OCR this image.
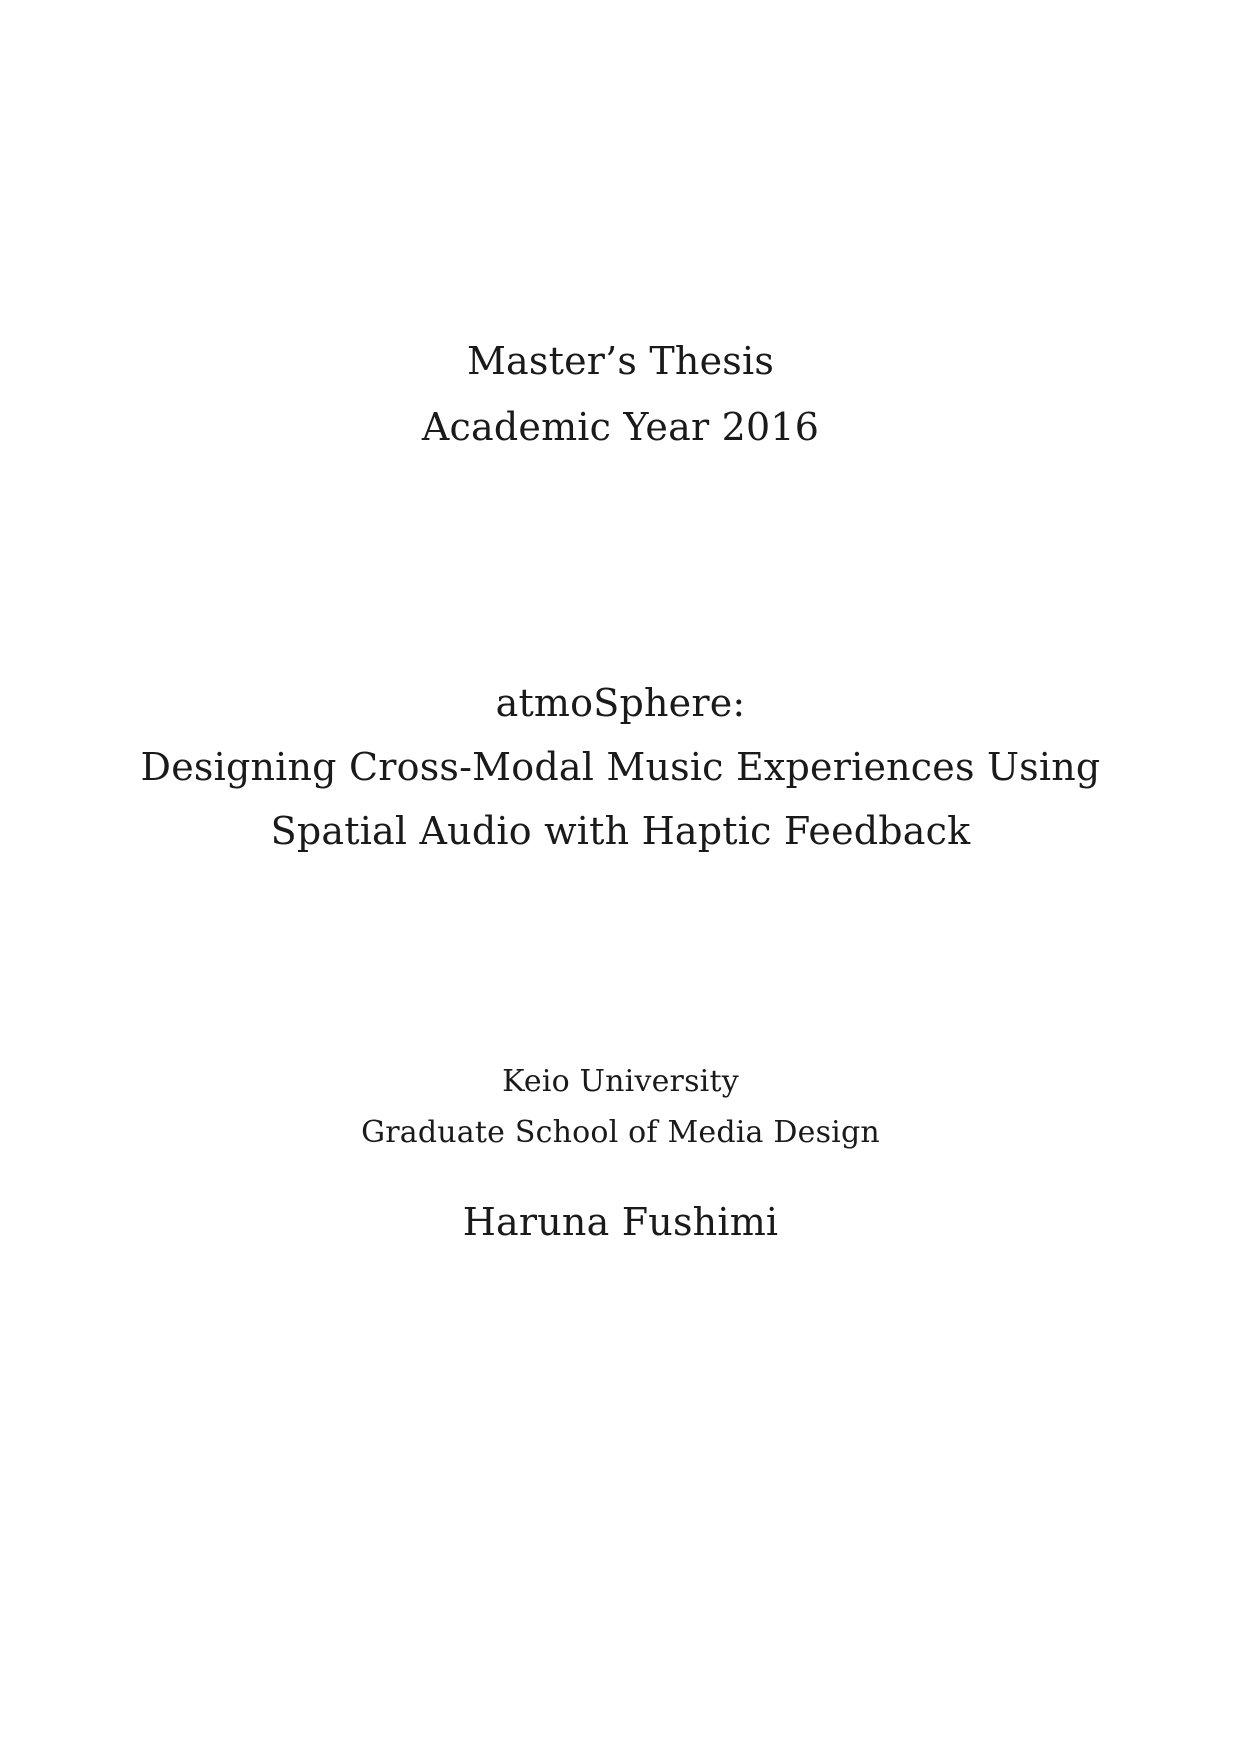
Master’s Thesis
Academic Year 2016
atmoSphere:
Designing Cross-Modal Music Experiences Using
Spatial Audio with Haptic Feedback
Keio University
Graduate School of Media Design
Haruna Fushimi
